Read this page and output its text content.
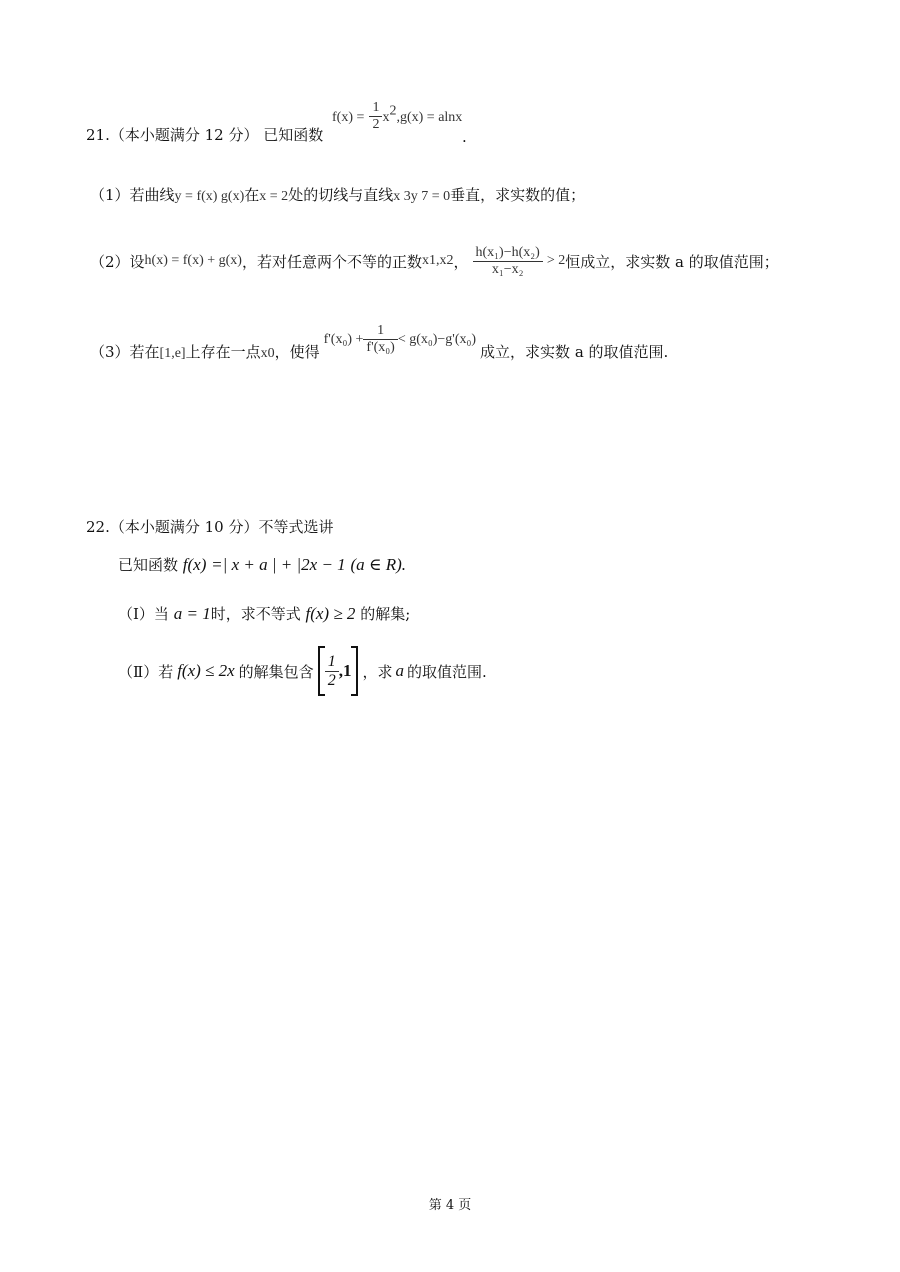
21.（本小题满分 12 分） 已知函数
$f(x) = \frac{1}{2} x^2,g(x) = alnx$
.
（1）若曲线y = f(x) g(x)在x = 2处的切线与直线x 3y 7 = 0垂直，求实数的值；
（2）设 h(x) = f(x) + g(x) ，若对任意两个不等的正数 x 1 ,x 2 ， $\frac{\text{h(x₁)−h(x₂)}}{\text{x₁−x₂}} > 2$ 恒成立，求实数 a 的取值范围；
（3）若在 [1,e] 上存在一点 x 0 ，使得
$f'(x_0) + \frac{1}{\text{f'(x₀)}} < g(x_0)-g'(x_0)$
成立，求实数 a 的取值范围.
22.（本小题满分 10 分）不等式选讲
已知函数 f(x) =| x + a | + |2x − 1 (a ∈ R).
（Ⅰ）当 a = 1时，求不等式 f(x) ≥ 2 的解集;
（Ⅱ）若 f(x) ≤ 2x 的解集包含 $\frac{1}{2} ,1$ ，求 a 的取值范围.
第 4 页
